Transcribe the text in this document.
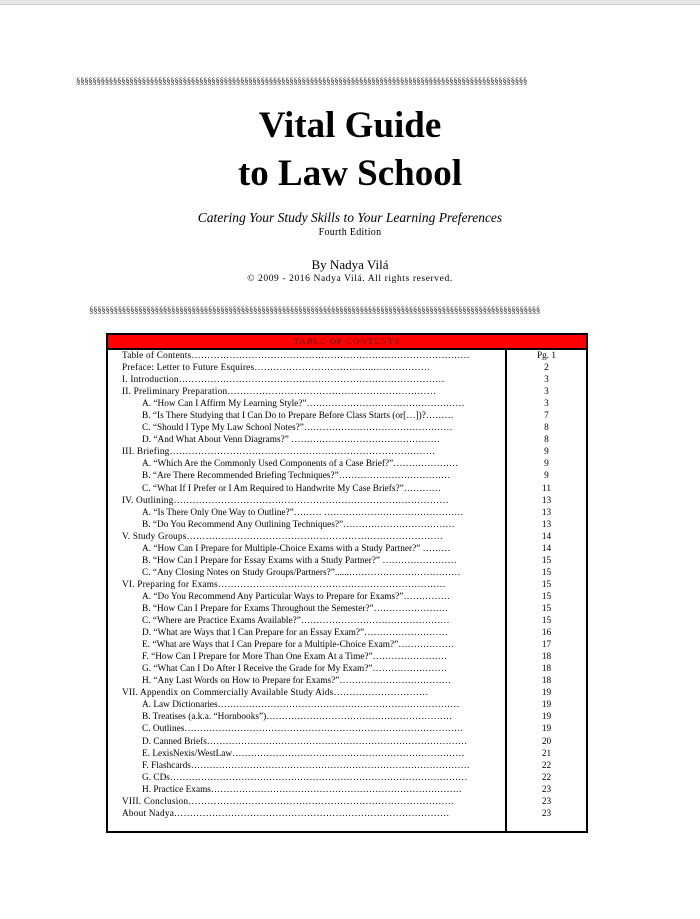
§§§§§§§§§§§§§§§§§§§§§§§§§§§§§§§§§§§§§§§§§§§§§§§§§§§§§§§§§§§§§§§§§§§§§§§§§§§§§§§§§§§§§§§§§§§§§§§§§§§§§§§§§§§§§§
Vital Guide
to Law School
Catering Your Study Skills to Your Learning Preferences
Fourth Edition
By Nadya Vilá
© 2009 - 2016 Nadya Vilá. All rights reserved.
§§§§§§§§§§§§§§§§§§§§§§§§§§§§§§§§§§§§§§§§§§§§§§§§§§§§§§§§§§§§§§§§§§§§§§§§§§§§§§§§§§§§§§§§§§§§§§§§§§§§§§§§§§§§§§
TABLE OF CONTENTS
Table of Contents…………………………………………………………………………….	Pg. 1
Preface: Letter to Future Esquires………………………………..………………	2
I. Introduction…………………………………………………………………………	3
II. Preliminary Preparation…………………………………………………………	3
A. “How Can I Affirm My Learning Style?”……………………………………………	3
B. “Is There Studying that I Can Do to Prepare Before Class Starts (or[…])?………	7
C. “Should I Type My Law School Notes?”…………………………………………	8
D. “And What About Venn Diagrams?” …………………………………………	8
III. Briefing…………………………………………………………………………	9
A. “Which Are the Commonly Used Components of a Case Brief?”…………………	9
B. “Are There Recommended Briefing Techniques?”………………………………	9
C. “What If I Prefer or I Am Required to Handwrite My Case Briefs?”…………	11
IV. Outlining……………………………………………………………………………	13
A. “Is There Only One Way to Outline?”……… ………………………………………	13
B. “Do You Recommend Any Outlining Techniques?”………………………………	13
V. Study Groups………………………………………………………………………	14
A. “How Can I Prepare for Multiple-Choice Exams with a Study Partner?” ………	14
B. “How Can I Prepare for Essay Exams with a Study Partner?” ……………………	15
C. “Any Closing Notes on Study Groups/Partners?”......………………………………	15
VI. Preparing for Exams………………………………………………………………	15
A. “Do You Recommend Any Particular Ways to Prepare for Exams?”……………	15
B. “How Can I Prepare for Exams Throughout the Semester?”……………………	15
C. “Where are Practice Exams Available?”…………………………………………	15
D. “What are Ways that I Can Prepare for an Essay Exam?”………………………	16
E. “What are Ways that I Can Prepare for a Multiple-Choice Exam?”………………	17
F. “How Can I Prepare for More Than One Exam At a Time?”……………………	18
G. “What Can I Do After I Receive the Grade for My Exam?”……………………	18
H. “Any Last Words on How to Prepare for Exams?”………………………………	18
VII. Appendix on Commercially Available Study Aids…………………………	19
A. Law Dictionaries……………………………………………………………………	19
B. Treatises (a.k.a. “Hornbooks”)……………………………………………………	19
C. Outlines………………………………………………………………………………	19
D. Canned Briefs…………………………………………………………………………	20
E. LexisNexis/WestLaw…………………………………………………………………	21
F. Flashcards………………………………………………………………………………	22
G. CDs……………………………………………………………………………………	22
H. Practice Exams………………………………………………………………………	23
VIII. Conclusion…………………………………………………………………………	23
About Nadya……………………………………………………………………………	23
